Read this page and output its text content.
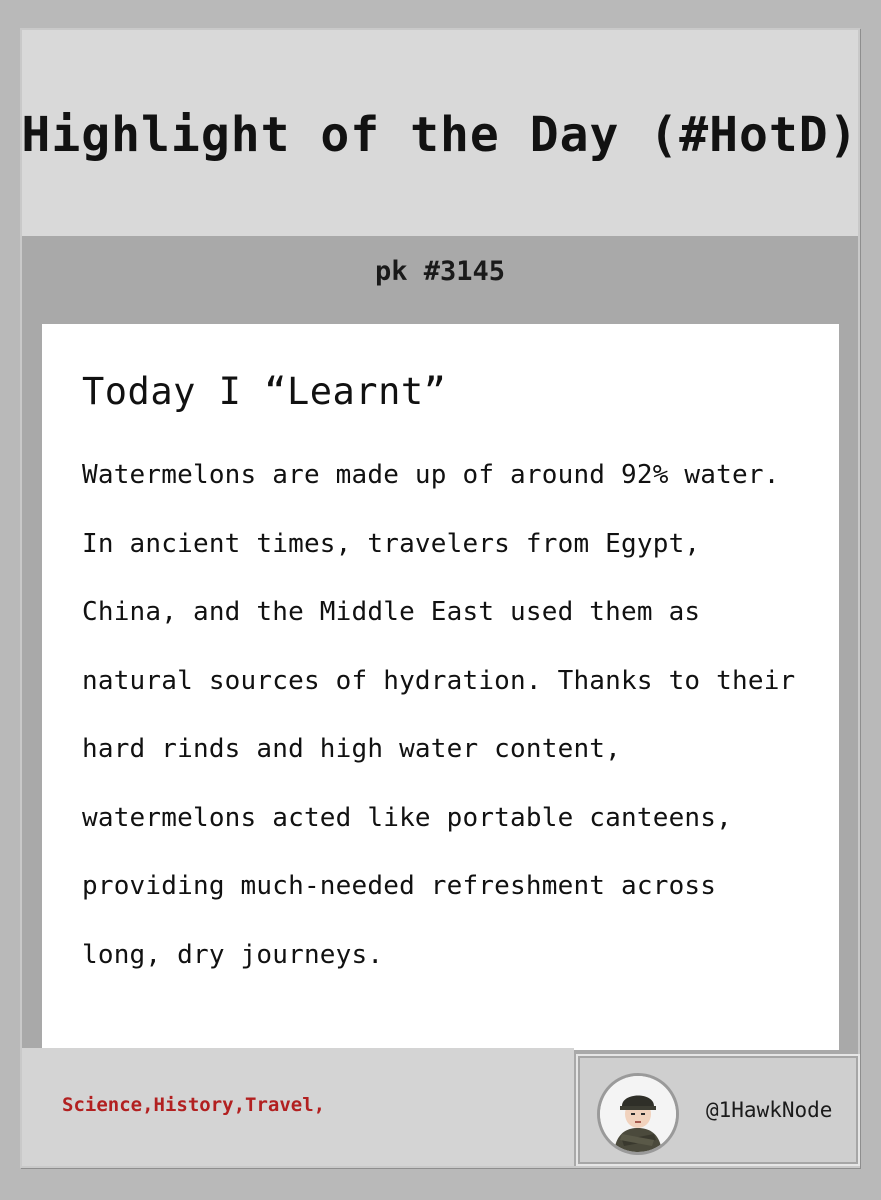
Highlight of the Day (#HotD)
pk #3145
Today I “Learnt”

Watermelons are made up of around 92% water. In ancient times, travelers from Egypt, China, and the Middle East used them as natural sources of hydration. Thanks to their hard rinds and high water content, watermelons acted like portable canteens, providing much-needed refreshment across long, dry journeys.

Science,History,Travel,	@1HawkNode
